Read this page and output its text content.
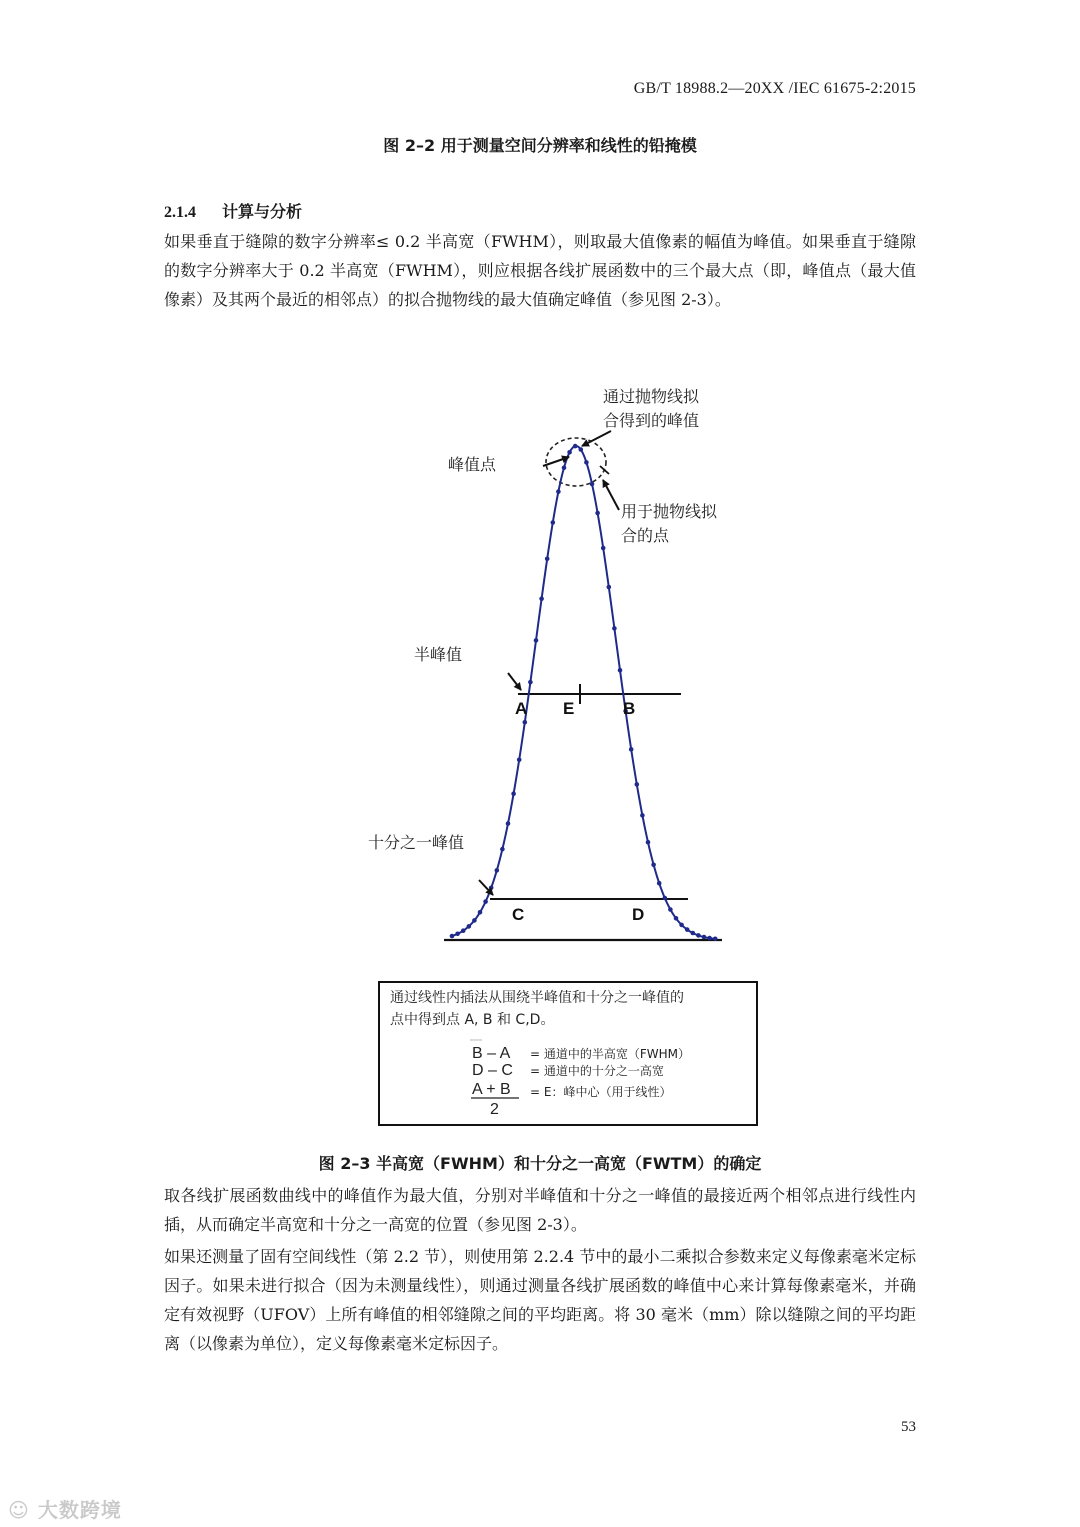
GB/T 18988.2—20XX /IEC 61675-2:2015
图 2–2 用于测量空间分辨率和线性的铅掩模
2.1.4 计算与分析
如果垂直于缝隙的数字分辨率≤ 0.2 半高宽（FWHM），则取最大值像素的幅值为峰值。如果垂直于缝隙的数字分辨率大于 0.2 半高宽（FWHM），则应根据各线扩展函数中的三个最大点（即，峰值点（最大值像素）及其两个最近的相邻点）的拟合抛物线的最大值确定峰值（参见图 2-3）。
通过抛物线拟
合得到的峰值
峰值点
用于抛物线拟
合的点
半峰值
十分之一峰值
A E	B
C	D
通过线性内插法从围绕半峰值和十分之一峰值的
点中得到点 A, B 和 C,D。
B – A = 通道中的半高宽（FWHM）
D – C = 通道中的十分之一高宽
A + B
2
= E：峰中心（用于线性）
图 2–3 半高宽（FWHM）和十分之一高宽（FWTM）的确定
取各线扩展函数曲线中的峰值作为最大值，分别对半峰值和十分之一峰值的最接近两个相邻点进行线性内插，从而确定半高宽和十分之一高宽的位置（参见图 2-3）。
如果还测量了固有空间线性（第 2.2 节），则使用第 2.2.4 节中的最小二乘拟合参数来定义每像素毫米定标因子。如果未进行拟合（因为未测量线性），则通过测量各线扩展函数的峰值中心来计算每像素毫米，并确定有效视野（UFOV）上所有峰值的相邻缝隙之间的平均距离。将 30 毫米（mm）除以缝隙之间的平均距离（以像素为单位），定义每像素毫米定标因子。
53
☺ 大数跨境
